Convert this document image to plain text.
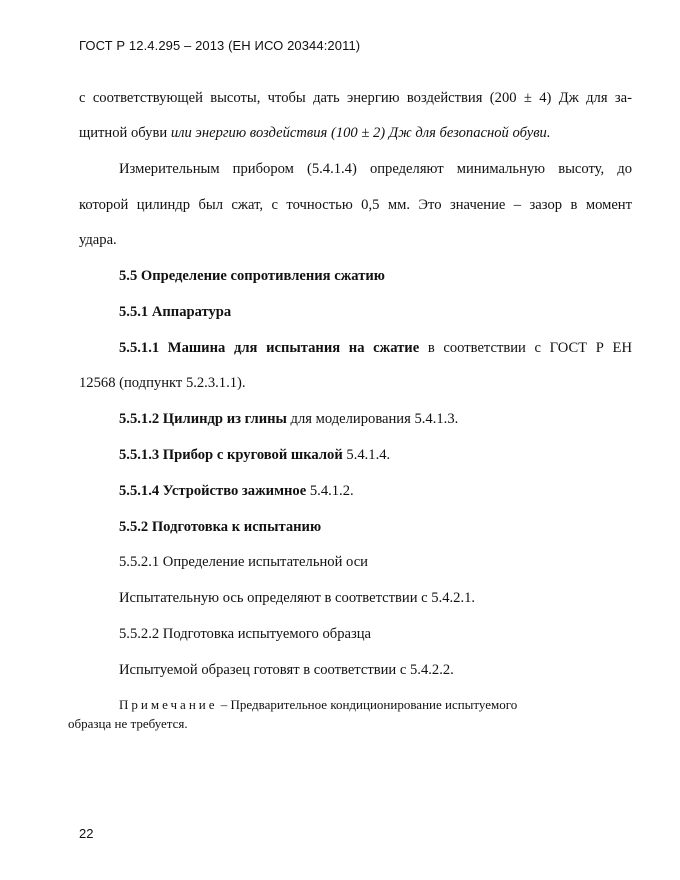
ГОСТ Р 12.4.295 – 2013 (ЕН ИСО 20344:2011)
с соответствующей высоты, чтобы дать энергию воздействия (200 ± 4) Дж для за-
щитной обуви или энергию воздействия (100 ± 2) Дж для безопасной обуви.
Измерительным прибором (5.4.1.4) определяют минимальную высоту, до
которой цилиндр был сжат, с точностью 0,5 мм. Это значение – зазор в момент
удара.
5.5 Определение сопротивления сжатию
5.5.1 Аппаратура
5.5.1.1 Машина для испытания на сжатие в соответствии с ГОСТ Р ЕН
12568 (подпункт 5.2.3.1.1).
5.5.1.2 Цилиндр из глины для моделирования 5.4.1.3.
5.5.1.3 Прибор с круговой шкалой 5.4.1.4.
5.5.1.4 Устройство зажимное 5.4.1.2.
5.5.2 Подготовка к испытанию
5.5.2.1 Определение испытательной оси
Испытательную ось определяют в соответствии с 5.4.2.1.
5.5.2.2 Подготовка испытуемого образца
Испытуемой образец готовят в соответствии с 5.4.2.2.
Примечание – Предварительное кондиционирование испытуемого
образца не требуется.
22
